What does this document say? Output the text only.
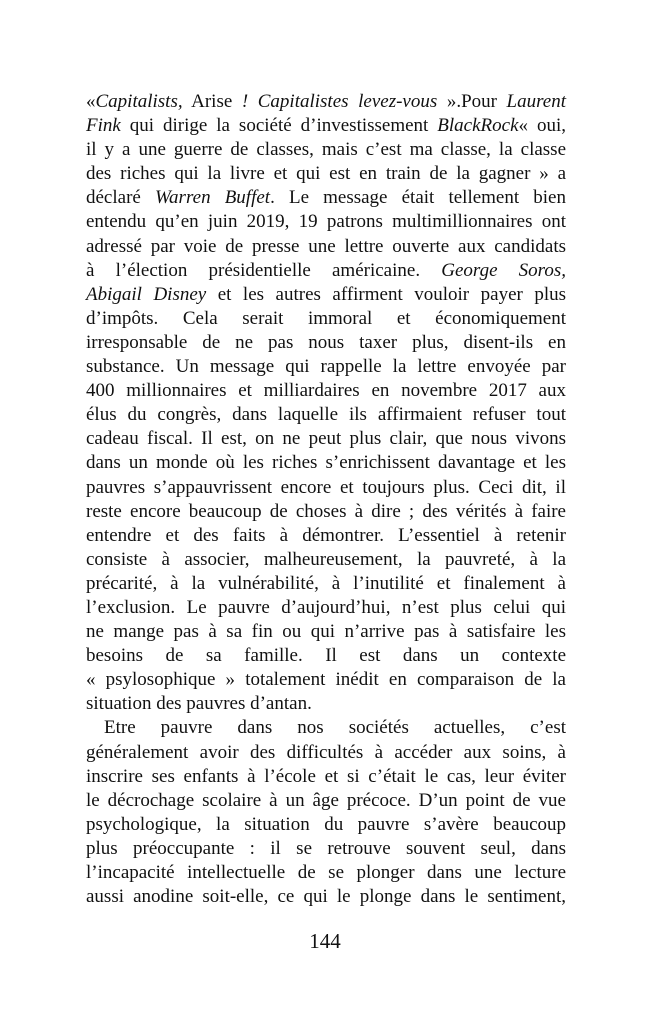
«Capitalists, Arise ! Capitalistes levez-vous ».Pour Laurent
Fink qui dirige la société d’investissement BlackRock« oui,
il y a une guerre de classes, mais c’est ma classe, la classe
des riches qui la livre et qui est en train de la gagner » a
déclaré Warren Buffet. Le message était tellement bien
entendu qu’en juin 2019, 19 patrons multimillionnaires ont
adressé par voie de presse une lettre ouverte aux candidats
à l’élection présidentielle américaine. George Soros,
Abigail Disney et les autres affirment vouloir payer plus
d’impôts. Cela serait immoral et économiquement
irresponsable de ne pas nous taxer plus, disent-ils en
substance. Un message qui rappelle la lettre envoyée par
400 millionnaires et milliardaires en novembre 2017 aux
élus du congrès, dans laquelle ils affirmaient refuser tout
cadeau fiscal. Il est, on ne peut plus clair, que nous vivons
dans un monde où les riches s’enrichissent davantage et les
pauvres s’appauvrissent encore et toujours plus. Ceci dit, il
reste encore beaucoup de choses à dire ; des vérités à faire
entendre et des faits à démontrer. L’essentiel à retenir
consiste à associer, malheureusement, la pauvreté, à la
précarité, à la vulnérabilité, à l’inutilité et finalement à
l’exclusion. Le pauvre d’aujourd’hui, n’est plus celui qui
ne mange pas à sa fin ou qui n’arrive pas à satisfaire les
besoins de sa famille. Il est dans un contexte
« psylosophique » totalement inédit en comparaison de la
situation des pauvres d’antan.
Etre pauvre dans nos sociétés actuelles, c’est
généralement avoir des difficultés à accéder aux soins, à
inscrire ses enfants à l’école et si c’était le cas, leur éviter
le décrochage scolaire à un âge précoce. D’un point de vue
psychologique, la situation du pauvre s’avère beaucoup
plus préoccupante : il se retrouve souvent seul, dans
l’incapacité intellectuelle de se plonger dans une lecture
aussi anodine soit-elle, ce qui le plonge dans le sentiment,
144
